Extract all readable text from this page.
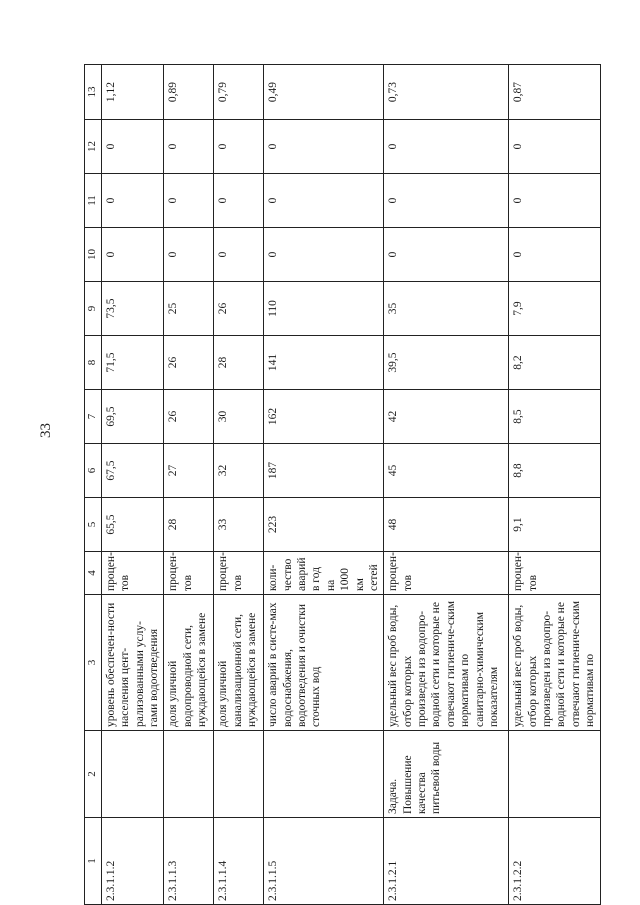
33
1	2	3	4	5	6	7	8	9	10	11	12	13
2.3.1.1.2		уровень обеспечен-ности населения цент-рализованными услу-гами водоотведения	процен-тов	65,5	67,5	69,5	71,5	73,5	0	0	0	1,12
2.3.1.1.3		доля уличной водопроводной сети, нуждающейся в замене	процен-тов	28	27	26	26	25	0	0	0	0,89
2.3.1.1.4		доля уличной канализационной сети, нуждающейся в замене	процен-тов	33	32	30	28	26	0	0	0	0,79
2.3.1.1.5		число аварий в систе-мах водоснабжения, водоотведения и очистки сточных вод	коли-чество аварий в год на 1000 км сетей	223	187	162	141	110	0	0	0	0,49
2.3.1.2.1	Задача. Повышение качества питьевой воды	удельный вес проб воды, отбор которых произведен из водопро-водной сети и которые не отвечают гигиениче-ским нормативам по санитарно-химическим показателям	процен-тов	48	45	42	39,5	35	0	0	0	0,73
2.3.1.2.2		удельный вес проб воды, отбор которых произведен из водопро-водной сети и которые не отвечают гигиениче-ским нормативам по	процен-тов	9,1	8,8	8,5	8,2	7,9	0	0	0	0,87
